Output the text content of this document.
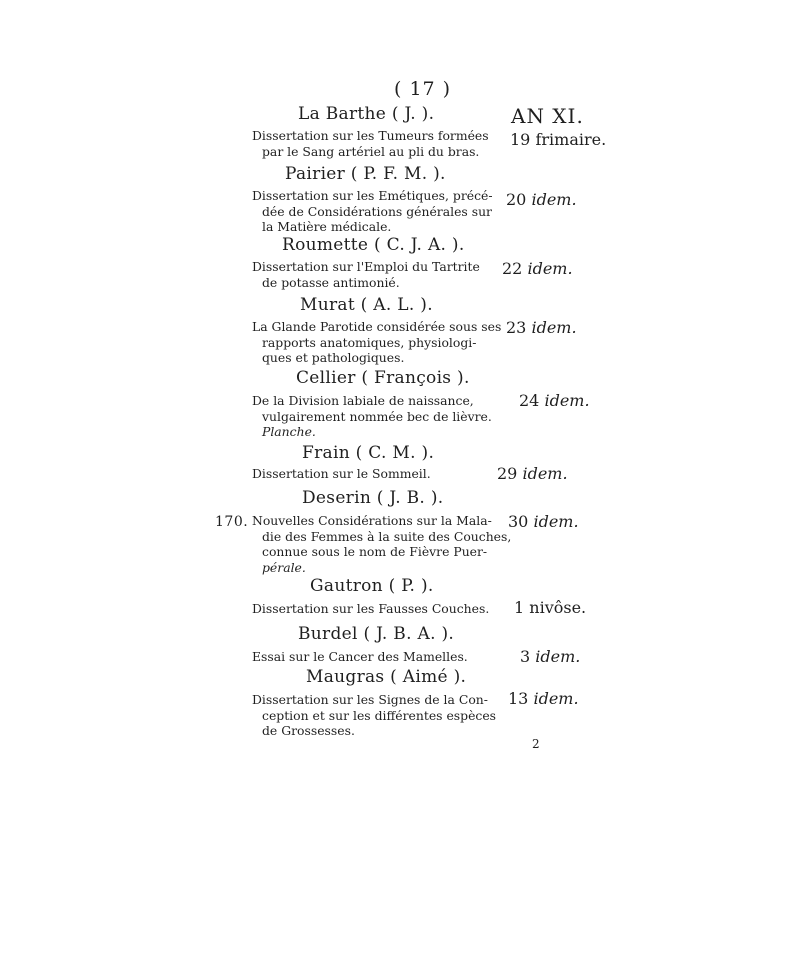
( 17 )
AN XI.
La Barthe ( J. ).
Dissertation sur les Tumeurs formées
par le Sang artériel au pli du bras.
19 frimaire.
Pairier ( P. F. M. ).
Dissertation sur les Emétiques, précé-
dée de Considérations générales sur
la Matière médicale.
20 idem.
Roumette ( C. J. A. ).
Dissertation sur l'Emploi du Tartrite
de potasse antimonié.
22 idem.
Murat ( A. L. ).
La Glande Parotide considérée sous ses
rapports anatomiques, physiologi-
ques et pathologiques.
23 idem.
Cellier ( François ).
De la Division labiale de naissance,
vulgairement nommée bec de lièvre.
Planche.
24 idem.
Frain ( C. M. ).
Dissertation sur le Sommeil.	29 idem.
170.
Deserin ( J. B. ).
Nouvelles Considérations sur la Mala-
die des Femmes à la suite des Couches,
connue sous le nom de Fièvre Puer-
pérale.
30 idem.
Gautron ( P. ).
Dissertation sur les Fausses Couches. 1 nivôse.
Burdel ( J. B. A. ).
Essai sur le Cancer des Mamelles.	3 idem.
Maugras ( Aimé ).
Dissertation sur les Signes de la Con-
ception et sur les différentes espèces
de Grossesses.
13 idem.
2
